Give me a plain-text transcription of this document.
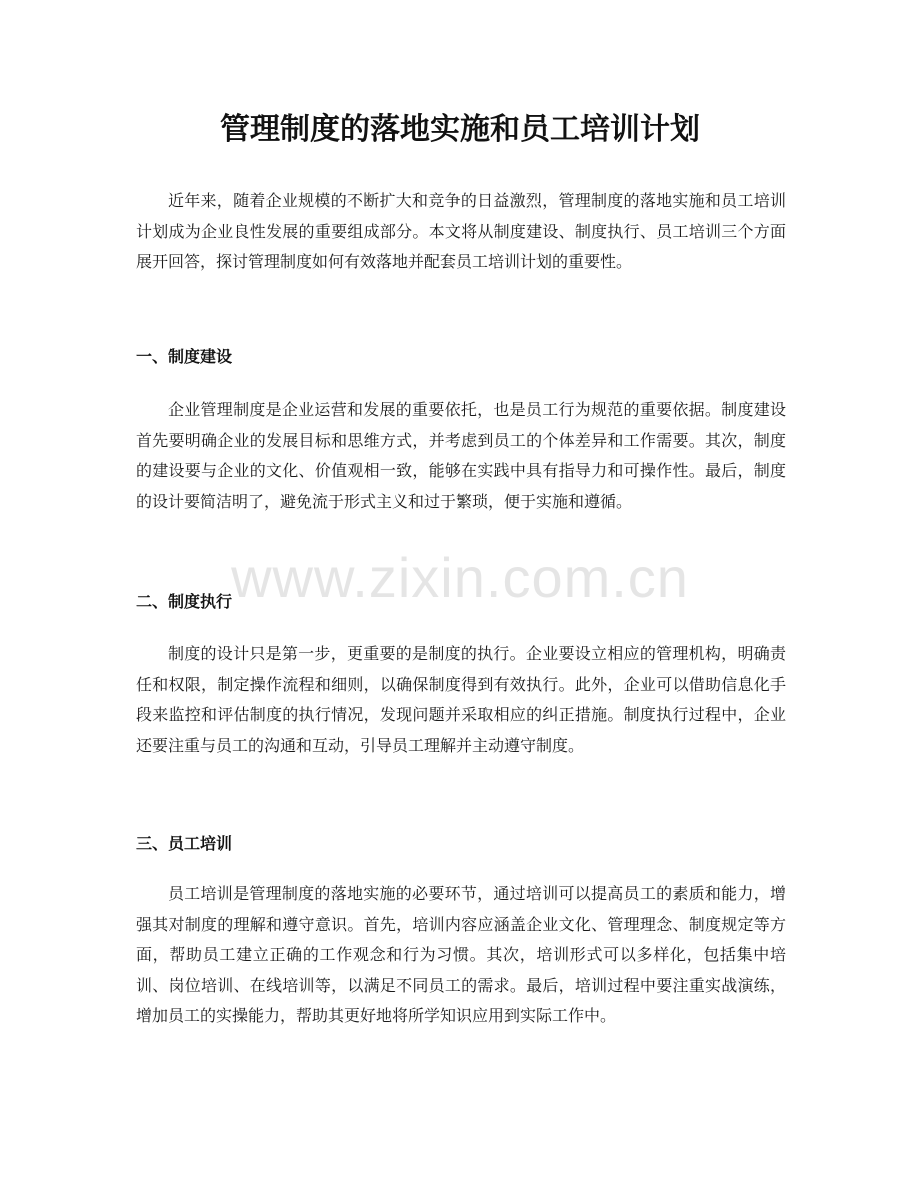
管理制度的落地实施和员工培训计划

近年来，随着企业规模的不断扩大和竞争的日益激烈，管理制度的落地实施和员工培训计划成为企业良性发展的重要组成部分。本文将从制度建设、制度执行、员工培训三个方面展开回答，探讨管理制度如何有效落地并配套员工培训计划的重要性。

一、制度建设

企业管理制度是企业运营和发展的重要依托，也是员工行为规范的重要依据。制度建设首先要明确企业的发展目标和思维方式，并考虑到员工的个体差异和工作需要。其次，制度的建设要与企业的文化、价值观相一致，能够在实践中具有指导力和可操作性。最后，制度的设计要简洁明了，避免流于形式主义和过于繁琐，便于实施和遵循。

二、制度执行

制度的设计只是第一步，更重要的是制度的执行。企业要设立相应的管理机构，明确责任和权限，制定操作流程和细则，以确保制度得到有效执行。此外，企业可以借助信息化手段来监控和评估制度的执行情况，发现问题并采取相应的纠正措施。制度执行过程中，企业还要注重与员工的沟通和互动，引导员工理解并主动遵守制度。

三、员工培训

员工培训是管理制度的落地实施的必要环节，通过培训可以提高员工的素质和能力，增强其对制度的理解和遵守意识。首先，培训内容应涵盖企业文化、管理理念、制度规定等方面，帮助员工建立正确的工作观念和行为习惯。其次，培训形式可以多样化，包括集中培训、岗位培训、在线培训等，以满足不同员工的需求。最后，培训过程中要注重实战演练，增加员工的实操能力，帮助其更好地将所学知识应用到实际工作中。

www.zixin.com.cn
